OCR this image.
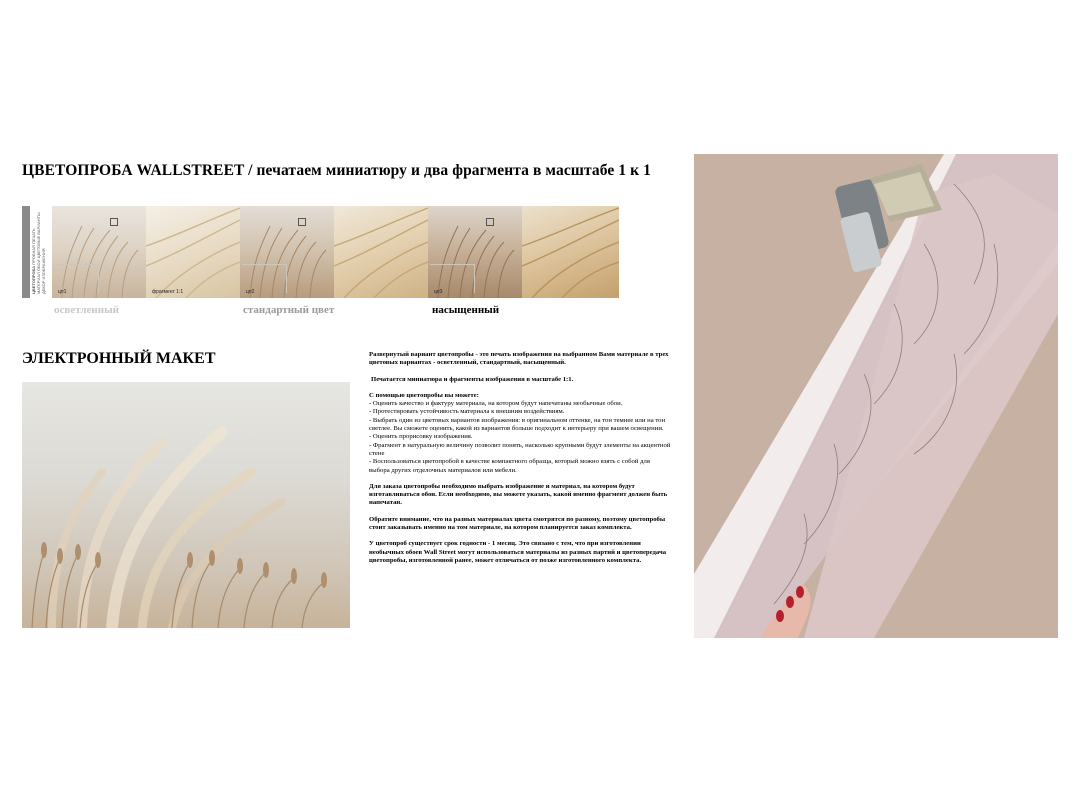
ЦВЕТОПРОБА WALLSTREET / печатаем миниатюру и два фрагмента в масштабе 1 к 1
ЦВЕТОПРОБА ПРОБНАЯ ПЕЧАТЬ МАТЕРИАЛ ОБОИ ЦВЕТОВЫЕ ВАРИАНТЫ ДЕКОР ИЗОБРАЖЕНИЯ	цп1	фрагмент 1:1	цп2	цп3
осветленный	стандартный цвет	насыщенный
ЭЛЕКТРОННЫЙ МАКЕТ	Развернутый вариант цветопробы - это печать изображения на выбранном Вами материале в трех цветовых вариантах - осветленный, стандартный, насыщенный.

Печатается миниатюра и фрагменты изображения в масштабе 1:1.

С помощью цветопробы вы можете:

- Оценить качество и фактуру материала, на котором будут напечатаны необычные обои.

- Протестировать устойчивость материала к внешним воздействиям.

- Выбрать один из цветовых вариантов изображения: в оригинальном оттенке, на тон темнее или на тон светлее. Вы сможете оценить, какой из вариантов больше подходит к интерьеру при вашем освещении.

- Оценить прорисовку изображения.

- Фрагмент в натуральную величину позволит понять, насколько крупными будут элементы на акцентной стене

- Воспользоваться цветопробой в качестве компактного образца, который можно взять с собой для выбора других отделочных материалов или мебели.

Для заказа цветопробы необходимо выбрать изображение и материал, на котором будут изготавливаться обои. Если необходимо, вы можете указать, какой именно фрагмент должен быть напечатан.

Обратите внимание, что на разных материалах цвета смотрятся по разному, поэтому цветопробы стоит заказывать именно на том материале, на котором планируется заказ комплекта.

У цветопроб существует срок годности - 1 месяц. Это связано с тем, что при изготовлении необычных обоев Wall Street могут использоваться материалы из разных партий и цветопередача цветопробы, изготовленной ранее, может отличаться от позже изготовленного комплекта.
